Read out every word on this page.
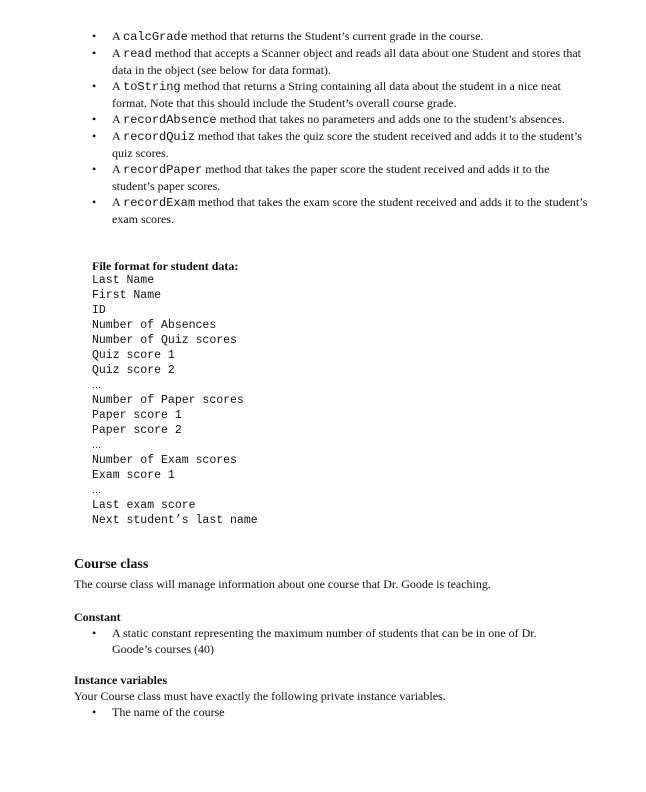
• A calcGrade method that returns the Student’s current grade in the course.
• A read method that accepts a Scanner object and reads all data about one Student and stores that data in the object (see below for data format).
• A toString method that returns a String containing all data about the student in a nice neat format. Note that this should include the Student’s overall course grade.
• A recordAbsence method that takes no parameters and adds one to the student’s absences.
• A recordQuiz method that takes the quiz score the student received and adds it to the student’s quiz scores.
• A recordPaper method that takes the paper score the student received and adds it to the student’s paper scores.
• A recordExam method that takes the exam score the student received and adds it to the student’s exam scores.
File format for student data:
Last Name
First Name
ID
Number of Absences
Number of Quiz scores
Quiz score 1
Quiz score 2
…
Number of Paper scores
Paper score 1
Paper score 2
…
Number of Exam scores
Exam score 1
…
Last exam score
Next student’s last name
Course class
The course class will manage information about one course that Dr. Goode is teaching.
Constant
• A static constant representing the maximum number of students that can be in one of Dr. Goode’s courses (40)
Instance variables
Your Course class must have exactly the following private instance variables.
• The name of the course
